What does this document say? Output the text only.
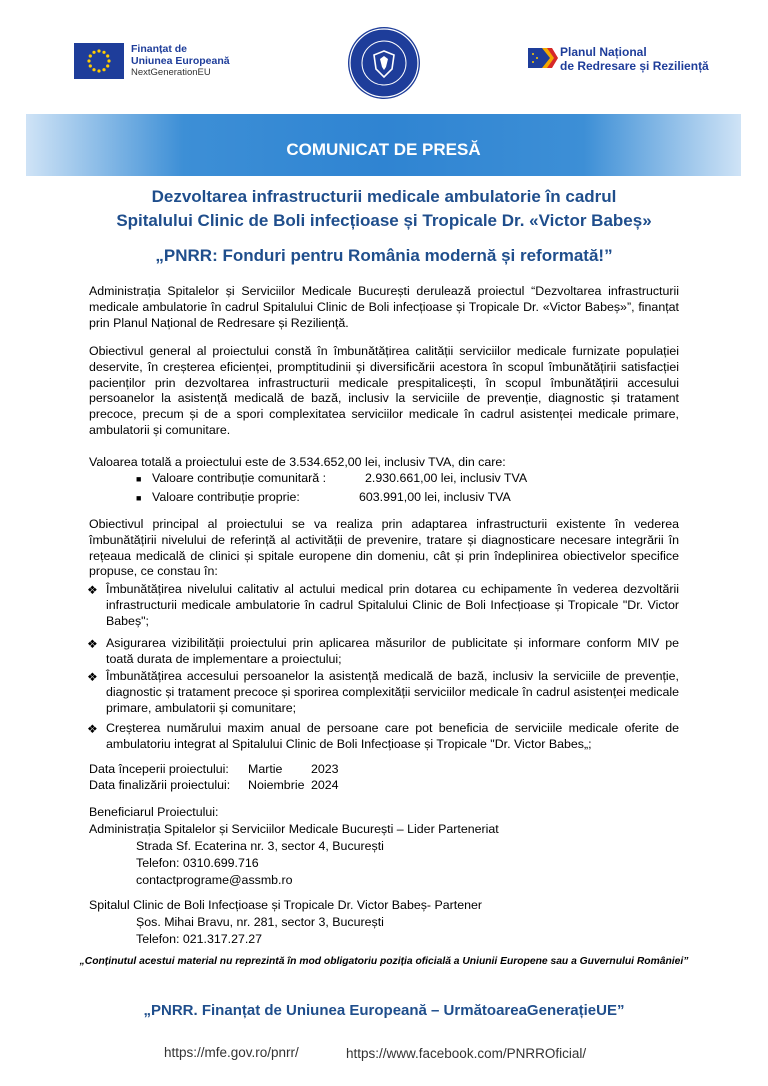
Finanțat de
Uniunea Europeană
NextGenerationEU
Planul Național
de Redresare și Reziliență
COMUNICAT DE PRESĂ
Dezvoltarea infrastructurii medicale ambulatorie în cadrul
Spitalului Clinic de Boli infecțioase și Tropicale Dr. «Victor Babeș»
„PNRR: Fonduri pentru România modernă și reformată!”
Administrația Spitalelor și Serviciilor Medicale București derulează proiectul “Dezvoltarea infrastructurii medicale ambulatorie în cadrul Spitalului Clinic de Boli infecțioase și Tropicale Dr. «Victor Babeș»”, finanțat prin Planul Național de Redresare și Reziliență.
Obiectivul general al proiectului constă în îmbunătățirea calității serviciilor medicale furnizate populației deservite, în creșterea eficienței, promptitudinii și diversificării acestora în scopul îmbunătățirii satisfacției pacienților prin dezvoltarea infrastructurii medicale prespitalicești, în scopul îmbunătățirii accesului persoanelor la asistență medicală de bază, inclusiv la serviciile de prevenție, diagnostic și tratament precoce, precum și de a spori complexitatea serviciilor medicale în cadrul asistenței medicale primare, ambulatorii și comunitare.
Valoarea totală a proiectului este de 3.534.652,00 lei, inclusiv TVA, din care:
■ Valoare contribuție comunitară :	2.930.661,00 lei, inclusiv TVA
■ Valoare contribuție proprie:	603.991,00 lei, inclusiv TVA
Obiectivul principal al proiectului se va realiza prin adaptarea infrastructurii existente în vederea îmbunătățirii nivelului de referință al activității de prevenire, tratare și diagnosticare necesare integrării în rețeaua medicală de clinici și spitale europene din domeniu, cât și prin îndeplinirea obiectivelor specifice propuse, ce constau în:
❖ Îmbunătățirea nivelului calitativ al actului medical prin dotarea cu echipamente în vederea dezvoltării infrastructurii medicale ambulatorie în cadrul Spitalului Clinic de Boli Infecțioase și Tropicale "Dr. Victor Babeș";
❖ Asigurarea vizibilității proiectului prin aplicarea măsurilor de publicitate și informare conform MIV pe toată durata de implementare a proiectului;
❖ Îmbunătățirea accesului persoanelor la asistență medicală de bază, inclusiv la serviciile de prevenție, diagnostic și tratament precoce și sporirea complexității serviciilor medicale în cadrul asistenței medicale primare, ambulatorii și comunitare;
❖ Creșterea numărului maxim anual de persoane care pot beneficia de serviciile medicale oferite de ambulatoriu integrat al Spitalului Clinic de Boli Infecțioase și Tropicale "Dr. Victor Babes„;
Data începerii proiectului: Martie 2023
Data finalizării proiectului: Noiembrie 2024
Beneficiarul Proiectului:
Administrația Spitalelor și Serviciilor Medicale București – Lider Parteneriat
Strada Sf. Ecaterina nr. 3, sector 4, București
Telefon: 0310.699.716
contactprograme@assmb.ro
Spitalul Clinic de Boli Infecțioase și Tropicale Dr. Victor Babeș- Partener
Șos. Mihai Bravu, nr. 281, sector 3, București
Telefon: 021.317.27.27
„Conținutul acestui material nu reprezintă în mod obligatoriu poziția oficială a Uniunii Europene sau a Guvernului României”
„PNRR. Finanțat de Uniunea Europeană – UrmătoareaGenerațieUE”
https://mfe.gov.ro/pnrr/	https://www.facebook.com/PNRROficial/
